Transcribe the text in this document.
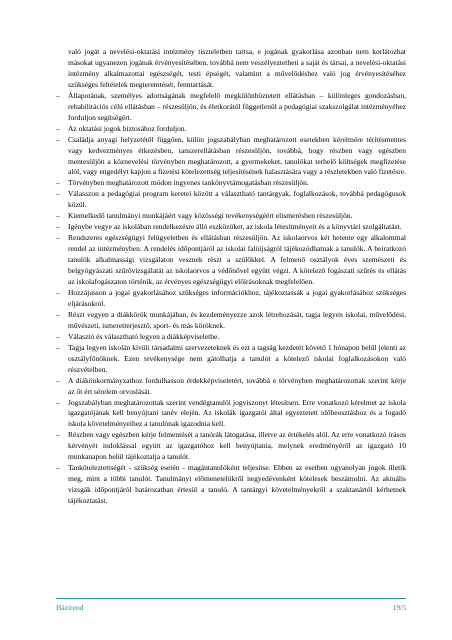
való jogát a nevelési-oktatási intézmény tiszteletben tartsa, e jogának gyakorlása azonban nem korlátozhat másokat ugyanezen jogának érvényesítésében, továbbá nem veszélyeztetheti a saját és társai, a nevelési-oktatási intézmény alkalmazottai egészségét, testi épségét, valamint a művelődéshez való jog érvényesítéséhez szükséges feltételek megteremtését, fenntartását.

– Állapotának, személyes adottságának megfelelő megkülönböztetett ellátásban – különleges gondozásban, rehabilitációs célú ellátásban – részesüljön, és életkorától függetlenül a pedagógiai szakszolgálat intézményéhez forduljon segítségért.
– Az oktatási jogok biztosához forduljon.
– Családja anyagi helyzetétől függően, külön jogszabályban meghatározott esetekben kérelmére térítésmentes vagy kedvezményes étkezésben, tanszerellátásban részesüljön, továbbá, hogy részben vagy egészben mentesüljön a köznevelési törvényben meghatározott, a gyermekeket, tanulókat terhelő költségek megfizetése alól, vagy engedélyt kapjon a fizetési kötelezettség teljesítésének halasztására vagy a részletekben való fizetésre.
– Törvényben meghatározott módon ingyenes tankönyvtámogatásban részesüljön.
– Válasszon a pedagógiai program keretei között a választható tantárgyak, foglalkozások, továbbá pedagógusok közül.
– Kiemelkedő tanulmányi munkájáért vagy közösségi tevékenységéért elismerésben részesüljön.
– Igénybe vegye az iskolában rendelkezésre álló eszközöket, az iskola létesítményeit és a könyvtári szolgáltatást.
– Rendszeres egészségügyi felügyeletben és ellátásban részesüljön. Az iskolaorvos két hetente egy alkalommal rendel az intézményben. A rendelés időpontjáról az iskolai faliújságról tájékozódhatnak a tanulók. A beiratkozó tanulók alkalmassági vizsgálaton vesznek részt a szülőkkel. A felmenő osztályok éves szemészeti és belgyógyászati szűrővizsgálatát az iskolaorvos a védőnővel együtt végzi. A kötelező fogászati szűrés és ellátás az iskolafogászaton történik, az érvényes egészségügyi előírásoknak megfelelően.
– Hozzájusson a jogai gyakorlásához szükséges információkhoz, tájékoztassák a jogai gyakorlásához szükséges eljárásokról.
– Részt vegyen a diákkörök munkájában, és kezdeményezze azok létrehozását, tagja legyen iskolai, művelődési, művészeti, ismeretterjesztő, sport- és más köröknek.
– Választó és választható legyen a diákképviseletbe.
– Tagja legyen iskolán kívüli társadalmi szervezeteknek és ezt a tagság kezdetét követő 1 hónapon belül jelenti az osztályfőnöknek. Ezen tevékenysége nem gátolhatja a tanulót a kötelező iskolai foglalkozásokon való részvételben.
– A diákönkormányzathoz fordulhasson érdekképviseletért, továbbá e törvényben meghatározottak szerint kérje az őt ért sérelem orvoslását.
– Jogszabályban meghatározottak szerint vendégtanulói jogviszonyt létesítsen. Erre vonatkozó kérelmet az iskola igazgatójának kell benyújtani tanév elején. Az iskolák igazgatói által egyeztetett időbeosztáshoz és a fogadó iskola követelményeihez a tanulónak igazodnia kell.
– Részben vagy egészben kérje felmentését a tanórák látogatása, illetve az értékelés alól. Az erre vonatkozó írásos kérvényét indoklással együtt az igazgatóhoz kell benyújtania, melynek eredményéről az igazgató 10 munkanapon belül tájékoztatja a tanulót.
– Tanköteleztettségét - szükség esetén - magántanulóként teljesítse. Ebben az esetben ugyanolyan jogok illetik meg, mint a többi tanulót. Tanulmányi előmenetelükről negyedévenként kötelesek beszámolni. Az aktuális vizsgák időpontjáról határozatban értesül a tanuló. A tantárgyi követelményekről a szaktanártól kérhetnek tájékoztatást.
Házirend	19/5
